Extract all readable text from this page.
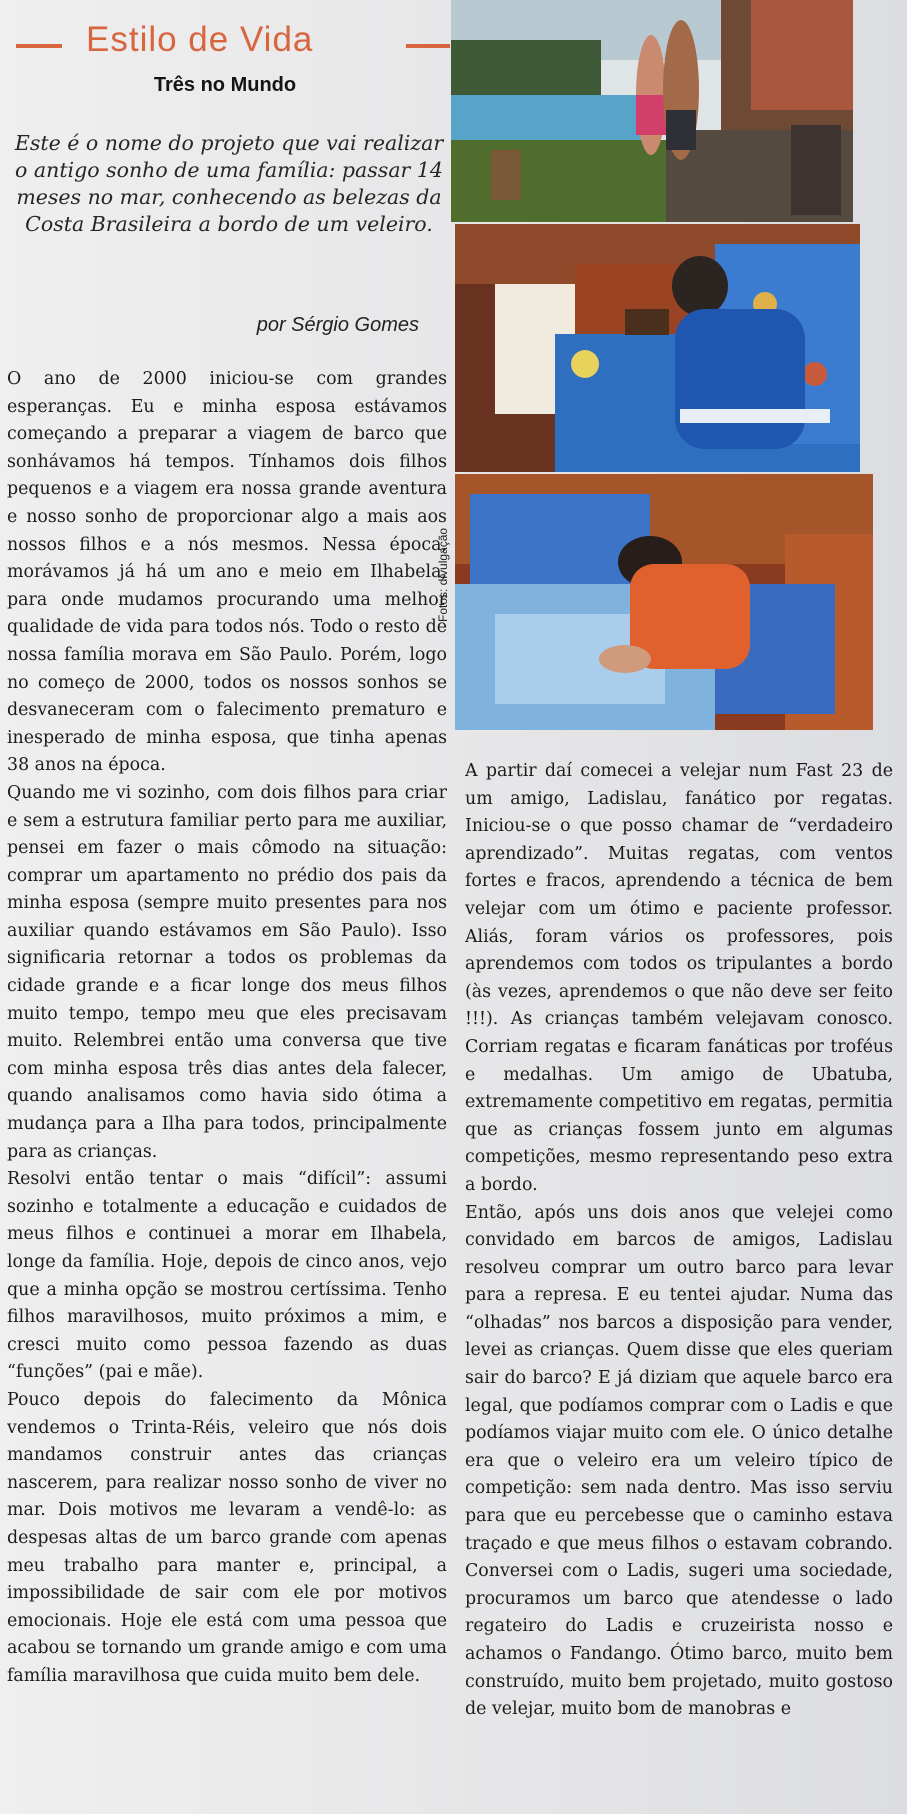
Estilo de Vida
Três no Mundo
Este é o nome do projeto que vai realizar o antigo sonho de uma família: passar 14 meses no mar, conhecendo as belezas da Costa Brasileira a bordo de um veleiro.
por Sérgio Gomes

O ano de 2000 iniciou-se com grandes esperanças. Eu e minha esposa estávamos começando a preparar a viagem de barco que sonhávamos há tempos. Tínhamos dois filhos pequenos e a viagem era nossa grande aventura e nosso sonho de proporcionar algo a mais aos nossos filhos e a nós mesmos. Nessa época, morávamos já há um ano e meio em Ilhabela, para onde mudamos procurando uma melhor qualidade de vida para todos nós. Todo o resto de nossa família morava em São Paulo. Porém, logo no começo de 2000, todos os nossos sonhos se desvaneceram com o falecimento prematuro e inesperado de minha esposa, que tinha apenas 38 anos na época.

Quando me vi sozinho, com dois filhos para criar e sem a estrutura familiar perto para me auxiliar, pensei em fazer o mais cômodo na situação: comprar um apartamento no prédio dos pais da minha esposa (sempre muito presentes para nos auxiliar quando estávamos em São Paulo). Isso significaria retornar a todos os problemas da cidade grande e a ficar longe dos meus filhos muito tempo, tempo meu que eles precisavam muito. Relembrei então uma conversa que tive com minha esposa três dias antes dela falecer, quando analisamos como havia sido ótima a mudança para a Ilha para todos, principalmente para as crianças.

Resolvi então tentar o mais “difícil”: assumi sozinho e totalmente a educação e cuidados de meus filhos e continuei a morar em Ilhabela, longe da família. Hoje, depois de cinco anos, vejo que a minha opção se mostrou certíssima. Tenho filhos maravilhosos, muito próximos a mim, e cresci muito como pessoa fazendo as duas “funções” (pai e mãe).

Pouco depois do falecimento da Mônica vendemos o Trinta-Réis, veleiro que nós dois mandamos construir antes das crianças nascerem, para realizar nosso sonho de viver no mar. Dois motivos me levaram a vendê-lo: as despesas altas de um barco grande com apenas meu trabalho para manter e, principal, a impossibilidade de sair com ele por motivos emocionais. Hoje ele está com uma pessoa que acabou se tornando um grande amigo e com uma família maravilhosa que cuida muito bem dele.

Fotos: divulgação

A partir daí comecei a velejar num Fast 23 de um amigo, Ladislau, fanático por regatas. Iniciou-se o que posso chamar de “verdadeiro aprendizado”. Muitas regatas, com ventos fortes e fracos, aprendendo a técnica de bem velejar com um ótimo e paciente professor. Aliás, foram vários os professores, pois aprendemos com todos os tripulantes a bordo (às vezes, aprendemos o que não deve ser feito !!!). As crianças também velejavam conosco. Corriam regatas e ficaram fanáticas por troféus e medalhas. Um amigo de Ubatuba, extremamente competitivo em regatas, permitia que as crianças fossem junto em algumas competições, mesmo representando peso extra a bordo.

Então, após uns dois anos que velejei como convidado em barcos de amigos, Ladislau resolveu comprar um outro barco para levar para a represa. E eu tentei ajudar. Numa das “olhadas” nos barcos a disposição para vender, levei as crianças. Quem disse que eles queriam sair do barco? E já diziam que aquele barco era legal, que podíamos comprar com o Ladis e que podíamos viajar muito com ele. O único detalhe era que o veleiro era um veleiro típico de competição: sem nada dentro. Mas isso serviu para que eu percebesse que o caminho estava traçado e que meus filhos o estavam cobrando. Conversei com o Ladis, sugeri uma sociedade, procuramos um barco que atendesse o lado regateiro do Ladis e cruzeirista nosso e achamos o Fandango. Ótimo barco, muito bem construído, muito bem projetado, muito gostoso de velejar, muito bom de manobras e
